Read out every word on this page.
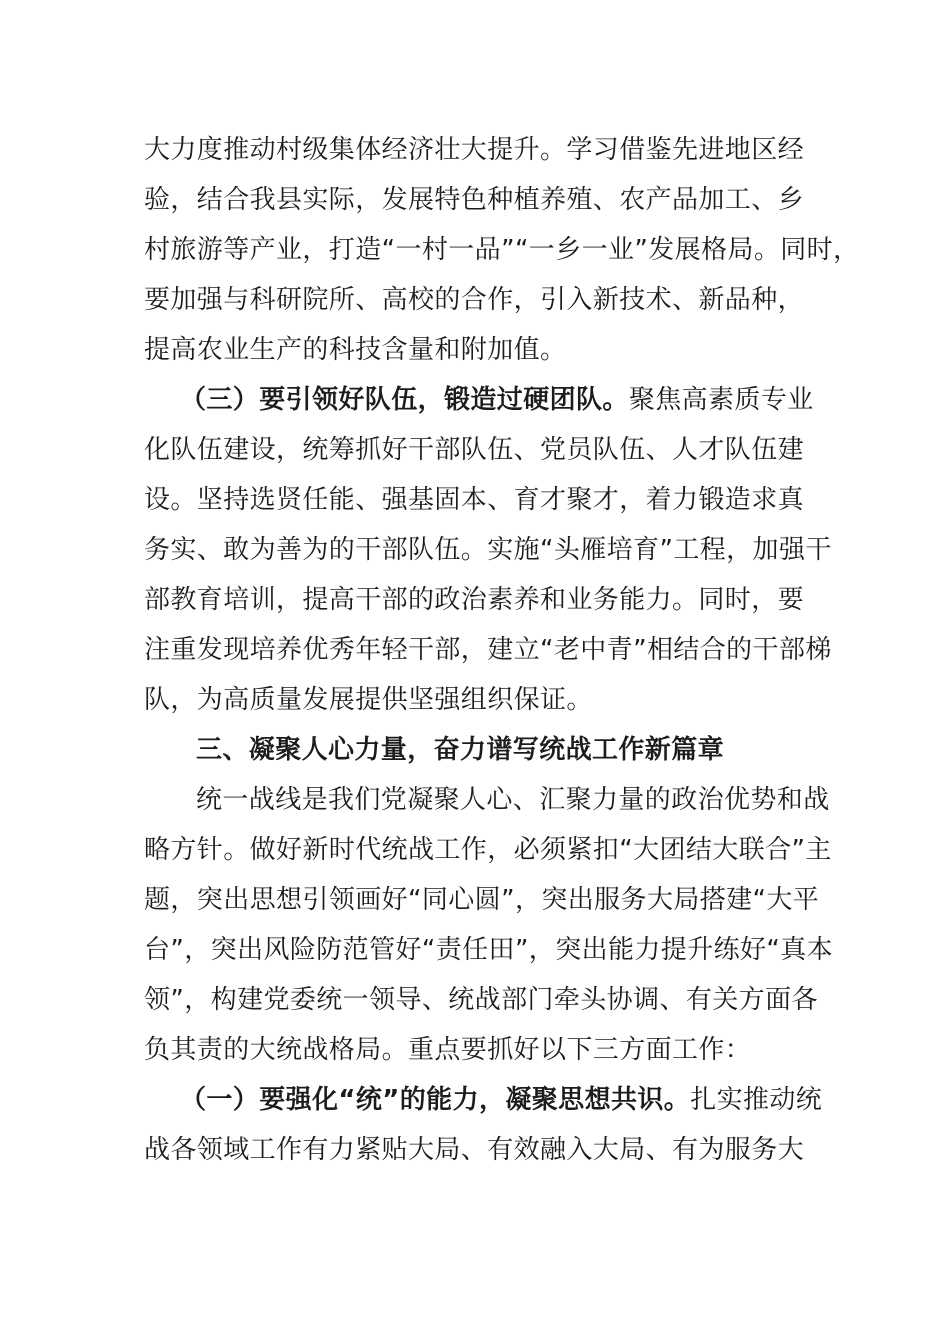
大力度推动村级集体经济壮大提升。学习借鉴先进地区经
验，结合我县实际，发展特色种植养殖、农产品加工、乡
村旅游等产业，打造“一村一品”“一乡一业”发展格局。同时，
要加强与科研院所、高校的合作，引入新技术、新品种，
提高农业生产的科技含量和附加值。
（三）要引领好队伍，锻造过硬团队。聚焦高素质专业
化队伍建设，统筹抓好干部队伍、党员队伍、人才队伍建
设。坚持选贤任能、强基固本、育才聚才，着力锻造求真
务实、敢为善为的干部队伍。实施“头雁培育”工程，加强干
部教育培训，提高干部的政治素养和业务能力。同时，要
注重发现培养优秀年轻干部，建立“老中青”相结合的干部梯
队，为高质量发展提供坚强组织保证。
三、凝聚人心力量，奋力谱写统战工作新篇章
统一战线是我们党凝聚人心、汇聚力量的政治优势和战
略方针。做好新时代统战工作，必须紧扣“大团结大联合”主
题，突出思想引领画好“同心圆”，突出服务大局搭建“大平
台”，突出风险防范管好“责任田”，突出能力提升练好“真本
领”，构建党委统一领导、统战部门牵头协调、有关方面各
负其责的大统战格局。重点要抓好以下三方面工作：
（一）要强化“统”的能力，凝聚思想共识。扎实推动统
战各领域工作有力紧贴大局、有效融入大局、有为服务大
